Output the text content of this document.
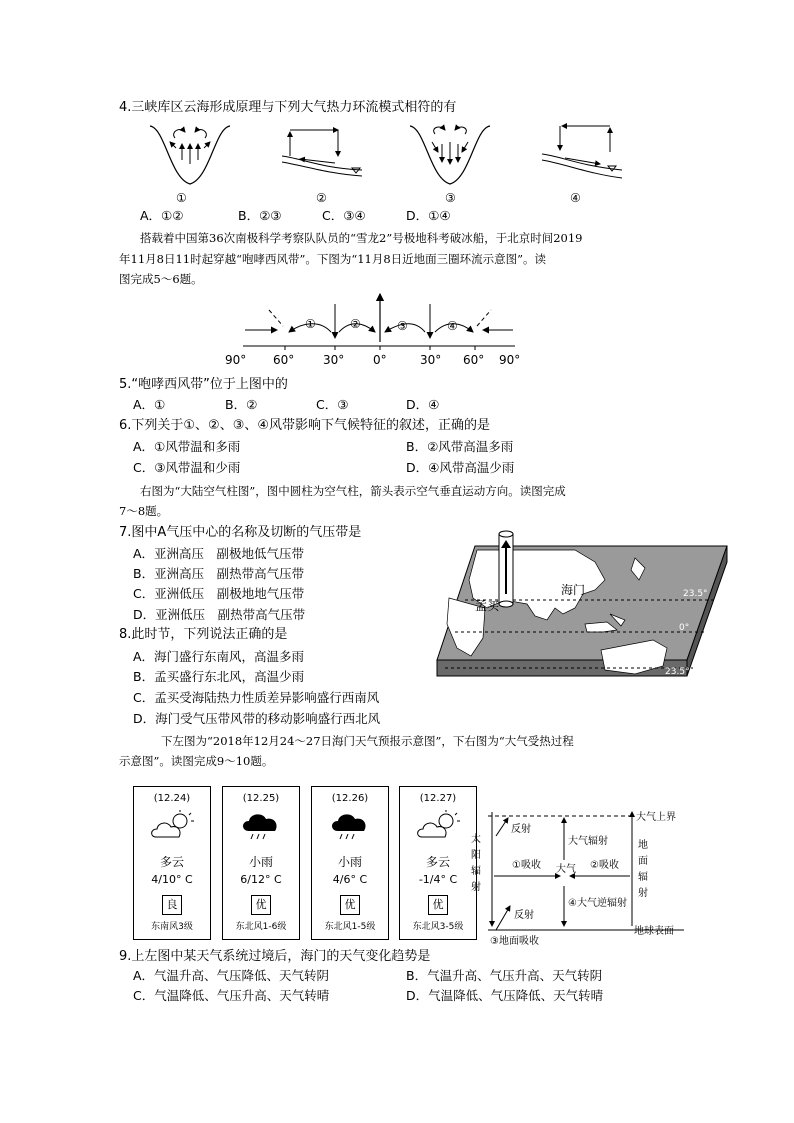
4.三峡库区云海形成原理与下列大气热力环流模式相符的有
①	②	③	④
A．①②	B．②③	C．③④	D．①④
搭载着中国第36次南极科学考察队队员的“雪龙2”号极地科考破冰船，于北京时间2019
年11月8日11时起穿越“咆哮西风带”。下图为“11月8日近地面三圈环流示意图”。读
图完成5～6题。
①	②	③	④
90° 60° 30° 0°	30° 60° 90°
5.“咆哮西风带”位于上图中的
A．①	B．②	C．③	D．④
6.下列关于①、②、③、④风带影响下气候特征的叙述，正确的是
A．①风带温和多雨	B．②风带高温多雨
C．③风带温和少雨	D．④风带高温少雨
右图为“大陆空气柱图”，图中圆柱为空气柱，箭头表示空气垂直运动方向。读图完成
7～8题。
7.图中A气压中心的名称及切断的气压带是
A．亚洲高压　副极地低气压带
B．亚洲高压　副热带高气压带
C．亚洲低压　副极地地气压带
D．亚洲低压　副热带高气压带
8.此时节，下列说法正确的是
A．海门盛行东南风，高温多雨
B．孟买盛行东北风，高温少雨
C．孟买受海陆热力性质差异影响盛行西南风
D．海门受气压带风带的移动影响盛行西北风
海门
孟买
23.5°
0°
23.5°
下左图为“2018年12月24～27日海门天气预报示意图”，下右图为“大气受热过程
示意图”。读图完成9～10题。
(12.24)
多云
4/10° C
良
东南风3级
(12.25)
小雨
6/12° C
优
东北风1-6级
(12.26)
小雨
4/6° C
优
东北风1-5级
(12.27)
多云
-1/4° C
优
东北风3-5级
大气上界
地球表面
反射
反射
大气辐射
①吸收 大气 ②吸收
④大气逆辐射
③地面吸收
太阳辐射
地面辐射
9.上左图中某天气系统过境后，海门的天气变化趋势是
A．气温升高、气压降低、天气转阴	B．气温升高、气压升高、天气转阴
C．气温降低、气压升高、天气转晴	D．气温降低、气压降低、天气转晴
